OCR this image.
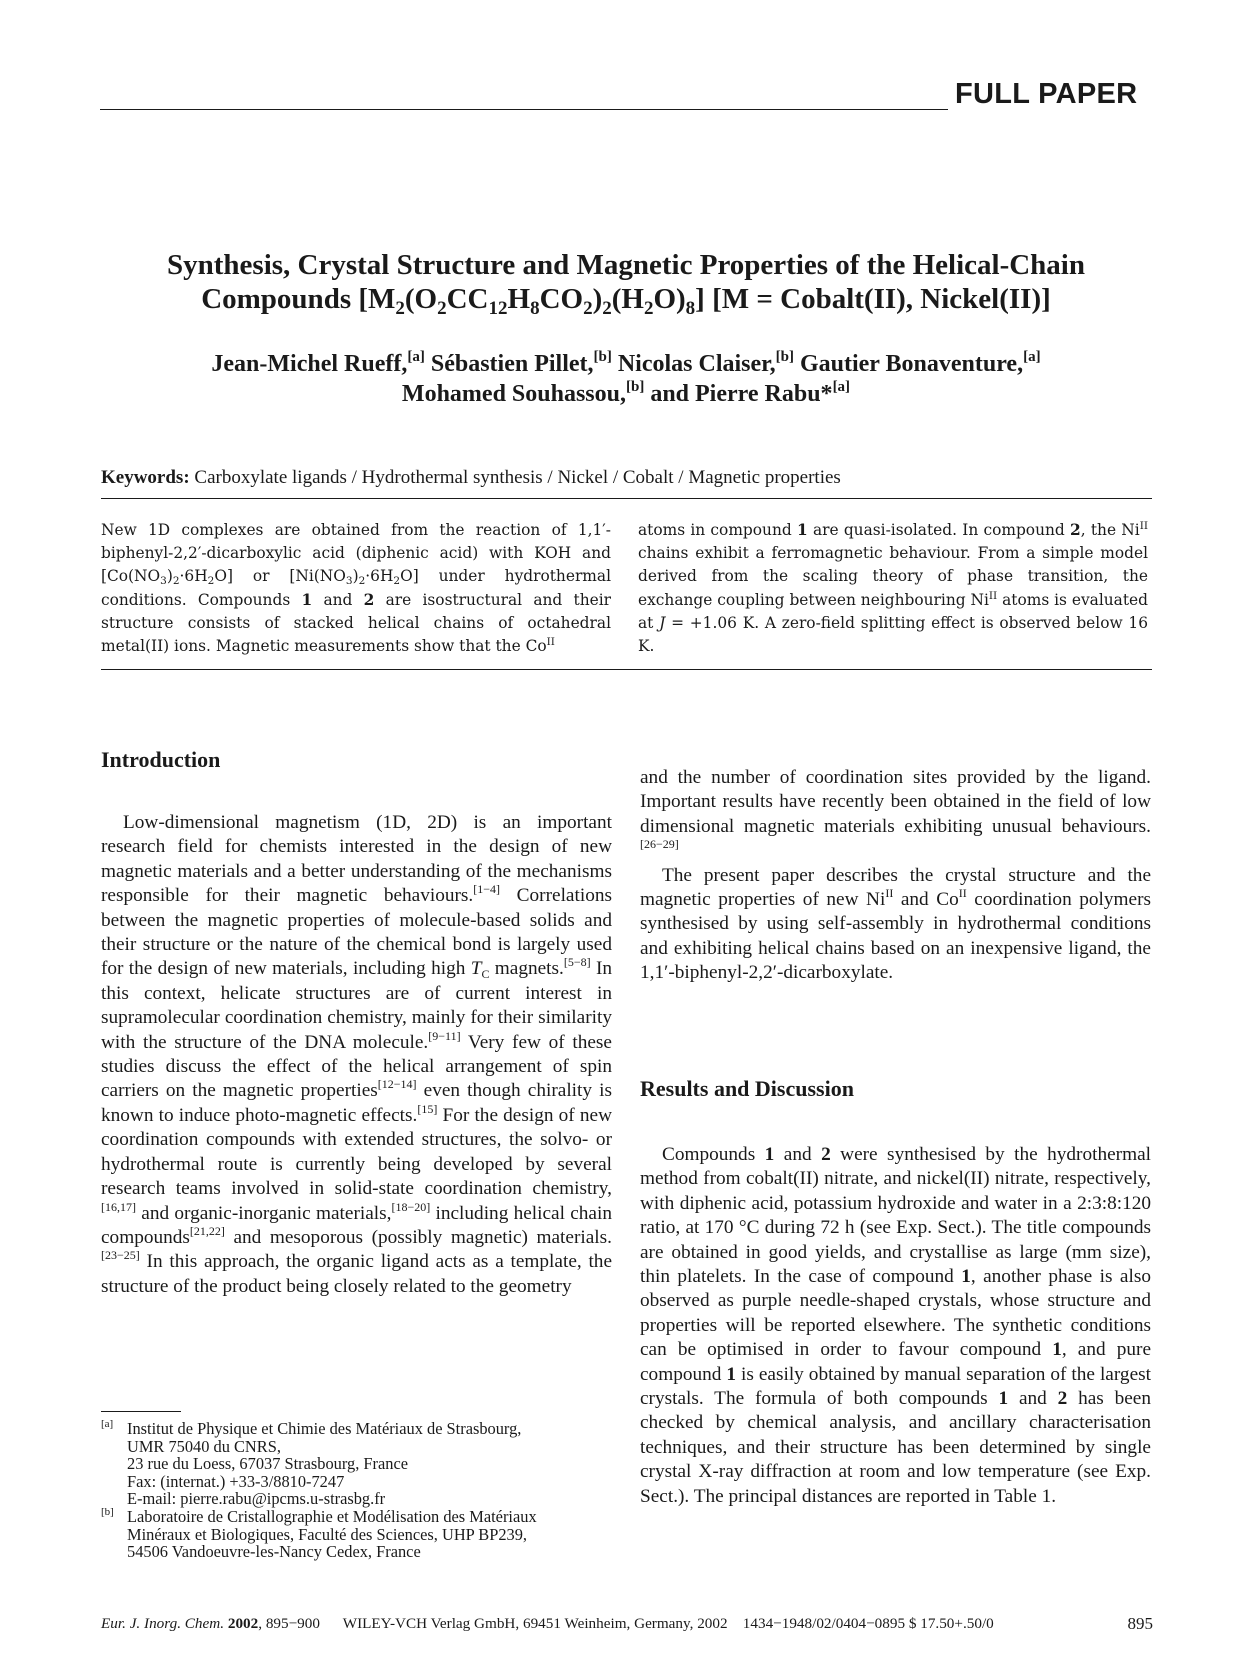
FULL PAPER
Synthesis, Crystal Structure and Magnetic Properties of the Helical-Chain
Compounds $[M_2(O_2CC_{12}H_8CO_2)_2(H_2O)_8] [M$ = Cobalt(II), Nickel(II)]
Jean-Michel Rueff,[a] Sébastien Pillet,[b] Nicolas Claiser,[b] Gautier Bonaventure,[a]
Mohamed Souhassou,[b] and Pierre Rabu*[a]
Keywords: Carboxylate ligands / Hydrothermal synthesis / Nickel / Cobalt / Magnetic properties
New 1D complexes are obtained from the reaction of 1,1′-biphenyl-2,2′-dicarboxylic acid (diphenic acid) with KOH and $[Co(NO_3)_2\cdot 6H_2O]$ or $[Ni(NO_3)_2\cdot 6H_2O]$ under hydrothermal conditions. Compounds 1 and 2 are isostructural and their structure consists of stacked helical chains of octahedral metal(II) ions. Magnetic measurements show that the $Co^{II}$
atoms in compound 1 are quasi-isolated. In compound 2, the $Ni^{II}$ chains exhibit a ferromagnetic behaviour. From a simple model derived from the scaling theory of phase transition, the exchange coupling between neighbouring $Ni^{II}$ atoms is evaluated at J = +1.06 K. A zero-field splitting effect is observed below 16 K.
Introduction

Low-dimensional magnetism (1D, 2D) is an important research field for chemists interested in the design of new magnetic materials and a better understanding of the mechanisms responsible for their magnetic behaviours.[1−4] Correlations between the magnetic properties of molecule-based solids and their structure or the nature of the chemical bond is largely used for the design of new materials, including high $T_C$ magnets.[5−8] In this context, helicate structures are of current interest in supramolecular coordination chemistry, mainly for their similarity with the structure of the DNA molecule.[9−11] Very few of these studies discuss the effect of the helical arrangement of spin carriers on the magnetic properties[12−14] even though chirality is known to induce photo-magnetic effects.[15] For the design of new coordination compounds with extended structures, the solvo- or hydrothermal route is currently being developed by several research teams involved in solid-state coordination chemistry,[16,17] and organic-inorganic materials,[18−20] including helical chain compounds[21,22] and mesoporous (possibly magnetic) materials.[23−25] In this approach, the organic ligand acts as a template, the structure of the product being closely related to the geometry

and the number of coordination sites provided by the ligand. Important results have recently been obtained in the field of low dimensional magnetic materials exhibiting unusual behaviours.[26−29]

The present paper describes the crystal structure and the magnetic properties of new $Ni^{II}$ and $Co^{II}$ coordination polymers synthesised by using self-assembly in hydrothermal conditions and exhibiting helical chains based on an inexpensive ligand, the 1,1′-biphenyl-2,2′-dicarboxylate.

Results and Discussion

Compounds 1 and 2 were synthesised by the hydrothermal method from cobalt(II) nitrate, and nickel(II) nitrate, respectively, with diphenic acid, potassium hydroxide and water in a 2:3:8:120 ratio, at 170 °C during 72 h (see Exp. Sect.). The title compounds are obtained in good yields, and crystallise as large (mm size), thin platelets. In the case of compound 1, another phase is also observed as purple needle-shaped crystals, whose structure and properties will be reported elsewhere. The synthetic conditions can be optimised in order to favour compound 1, and pure compound 1 is easily obtained by manual separation of the largest crystals. The formula of both compounds 1 and 2 has been checked by chemical analysis, and ancillary characterisation techniques, and their structure has been determined by single crystal X-ray diffraction at room and low temperature (see Exp. Sect.). The principal distances are reported in Table 1.

[a] Institut de Physique et Chimie des Matériaux de Strasbourg,
UMR 75040 du CNRS,
23 rue du Loess, 67037 Strasbourg, France
Fax: (internat.) +33-3/8810-7247
E-mail: pierre.rabu@ipcms.u-strasbg.fr
[b] Laboratoire de Cristallographie et Modélisation des Matériaux
Minéraux et Biologiques, Faculté des Sciences, UHP BP239,
54506 Vandoeuvre-les-Nancy Cedex, France
Eur. J. Inorg. Chem. 2002, 895−900 WILEY-VCH Verlag GmbH, 69451 Weinheim, Germany, 2002 1434−1948/02/0404−0895 $ 17.50+.50/0	895
